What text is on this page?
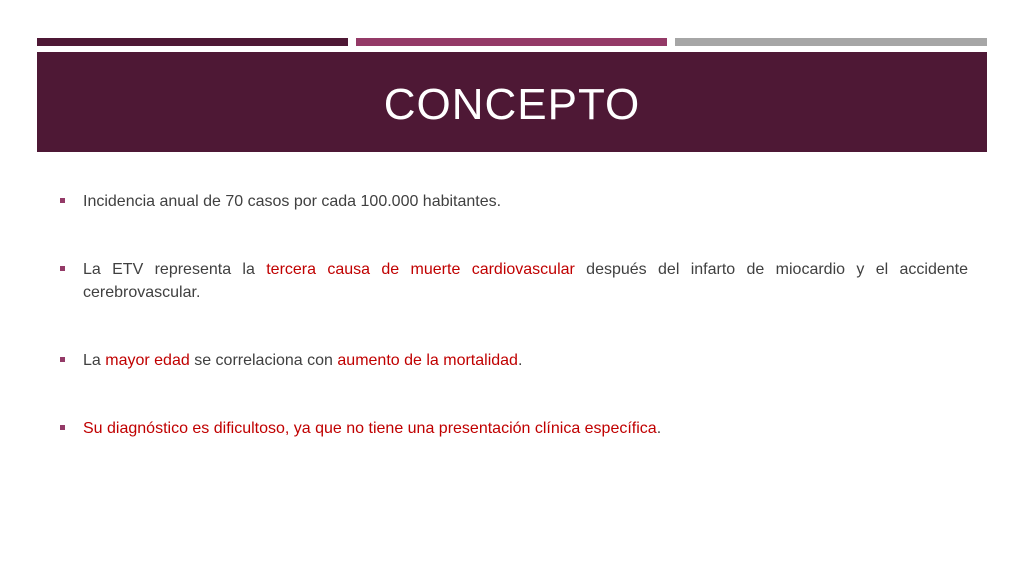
CONCEPTO
Incidencia anual de 70 casos por cada 100.000 habitantes.
La ETV representa la tercera causa de muerte cardiovascular después del infarto de miocardio y el accidente cerebrovascular.
La mayor edad se correlaciona con aumento de la mortalidad.
Su diagnóstico es dificultoso, ya que no tiene una presentación clínica específica.
